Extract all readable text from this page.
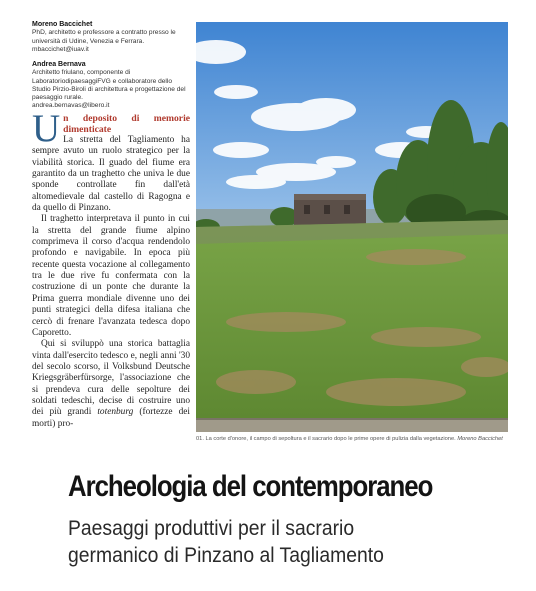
Moreno Baccichet
PhD, architetto e professore a contratto presso le università di Udine, Venezia e Ferrara.
mbaccichet@iuav.it
Andrea Bernava
Architetto friulano, componente di LaboratoriodipaesaggiFVG e collaboratore dello Studio Pirzio-Biroli di architettura e progettazione del paesaggio rurale.
andrea.bernavas@libero.it
U n deposito di memorie dimenticate

La stretta del Tagliamento ha sempre avuto un ruolo strategico per la viabilità storica. Il guado del fiume era garantito da un traghetto che univa le due sponde controllate fin dall'età altomedievale dal castello di Ragogna e da quello di Pinzano.

Il traghetto interpretava il punto in cui la stretta del grande fiume alpino comprimeva il corso d'acqua rendendolo profondo e navigabile. In epoca più recente questa vocazione al collegamento tra le due rive fu confermata con la costruzione di un ponte che durante la Prima guerra mondiale divenne uno dei punti strategici della difesa italiana che cercò di frenare l'avanzata tedesca dopo Caporetto.

Qui si sviluppò una storica battaglia vinta dall'esercito tedesco e, negli anni '30 del secolo scorso, il Volksbund Deutsche Kriegsgräberfürsorge, l'associazione che si prendeva cura delle sepolture dei soldati tedeschi, decise di costruire uno dei più grandi totenburg (fortezze dei morti) pro-

01. La corte d'onore, il campo di sepoltura e il sacrario dopo le prime opere di pulizia dalla vegetazione. Moreno Baccichet
Archeologia del contemporaneo
Paesaggi produttivi per il sacrario
germanico di Pinzano al Tagliamento
